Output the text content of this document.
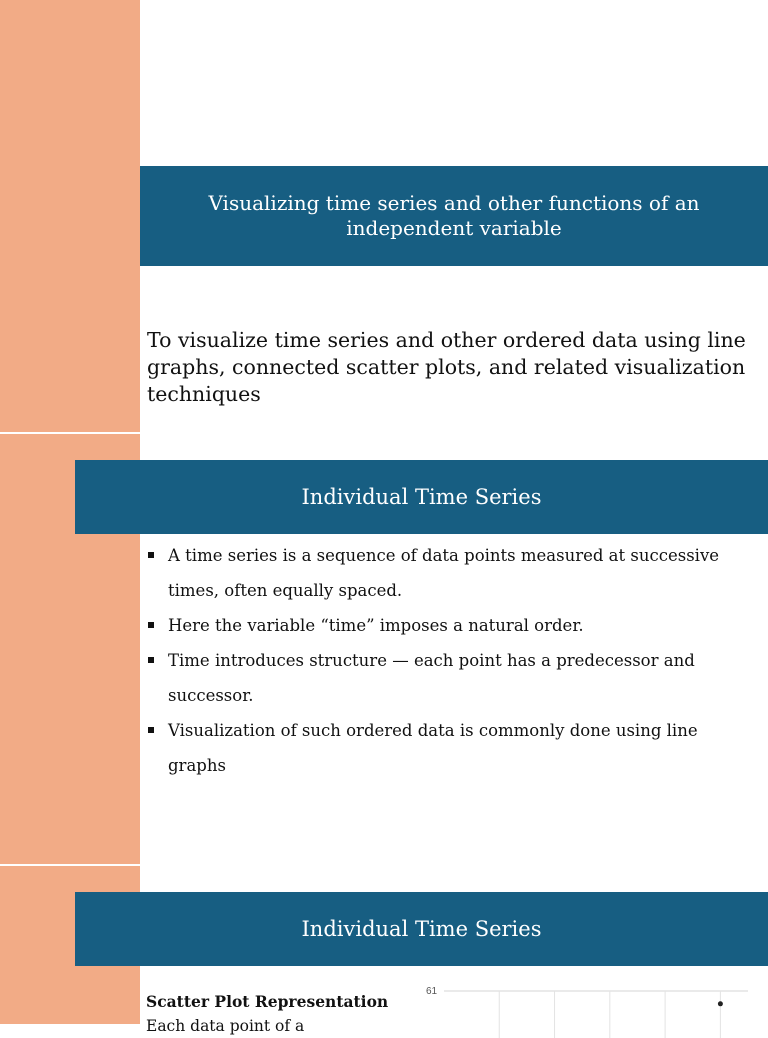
Visualizing time series and other functions of an independent variable

To visualize time series and other ordered data using line graphs, connected scatter plots, and related visualization techniques

Individual Time Series
A time series is a sequence of data points measured at successive times, often equally spaced.
Here the variable “time” imposes a natural order.
Time introduces structure — each point has a predecessor and successor.
Visualization of such ordered data is commonly done using line graphs
Individual Time Series
Scatter Plot Representation
Each data point of a
61
